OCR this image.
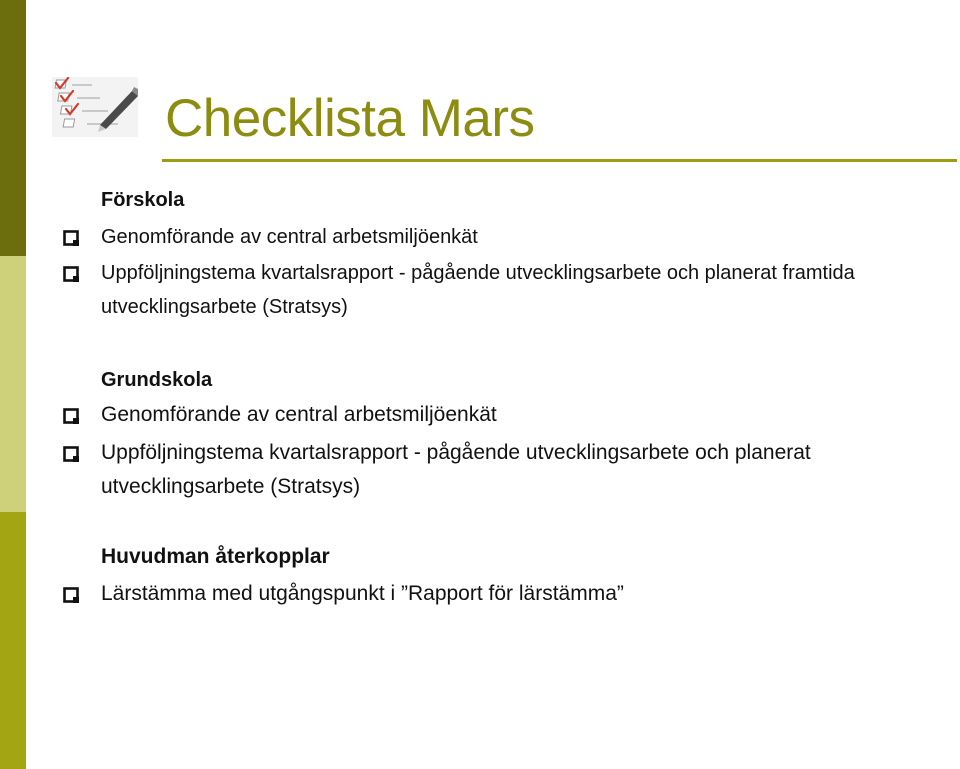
Checklista Mars
Förskola
Genomförande av central arbetsmiljöenkät
Uppföljningstema kvartalsrapport - pågående utvecklingsarbete och planerat framtida utvecklingsarbete (Stratsys)
Grundskola
Genomförande av central arbetsmiljöenkät
Uppföljningstema kvartalsrapport - pågående utvecklingsarbete och planerat utvecklingsarbete (Stratsys)
Huvudman återkopplar
Lärstämma med utgångspunkt i ”Rapport för lärstämma”
